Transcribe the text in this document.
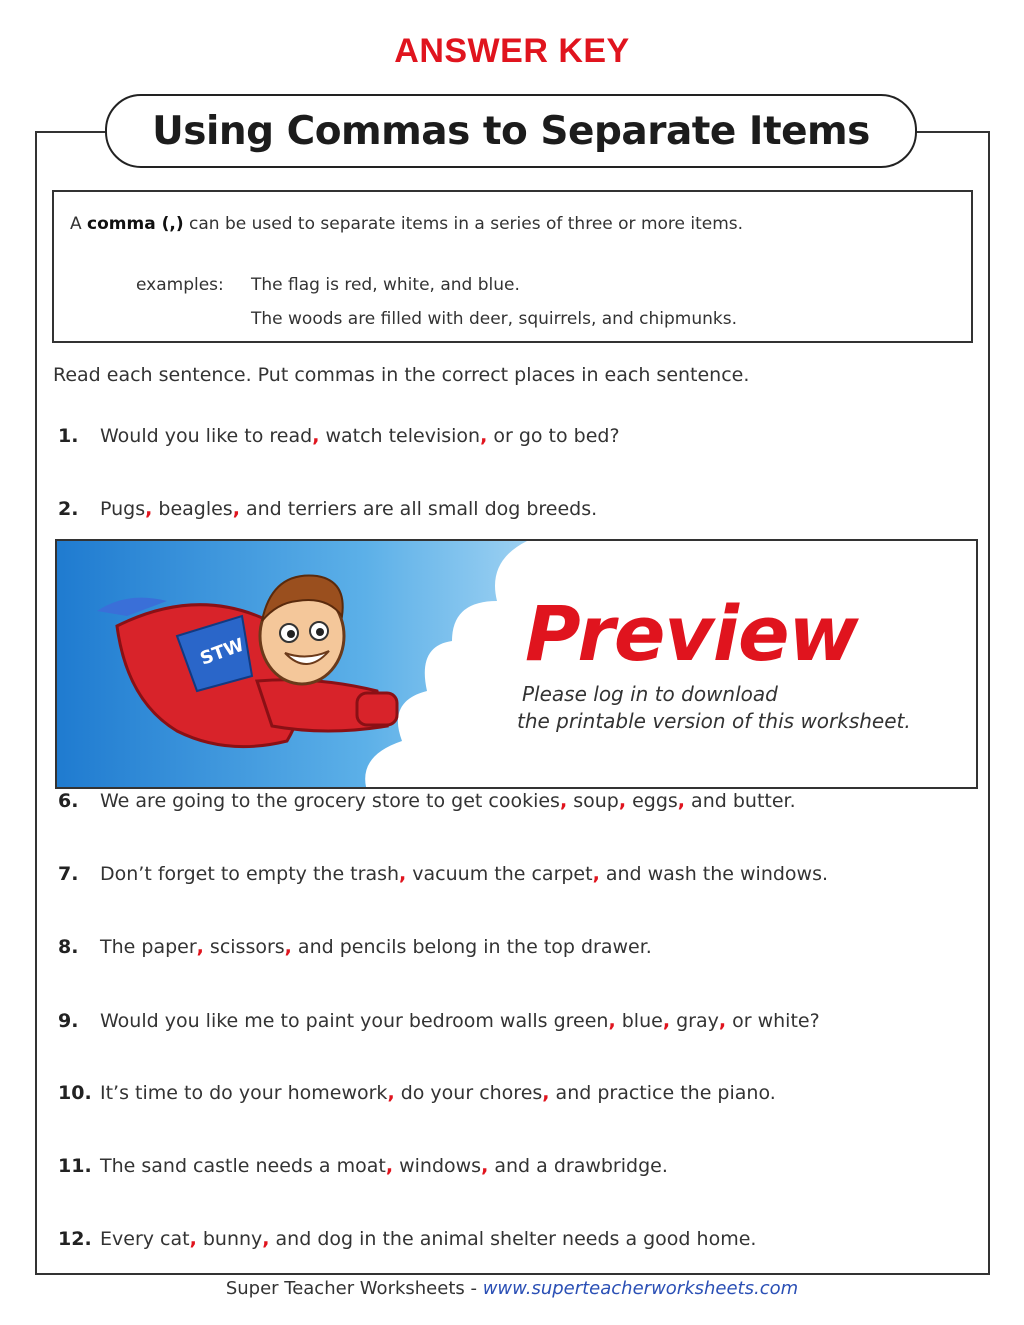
ANSWER KEY
Using Commas to Separate Items
A comma (,) can be used to separate items in a series of three or more items.
examples: The flag is red, white, and blue.
The woods are filled with deer, squirrels, and chipmunks.
Read each sentence. Put commas in the correct places in each sentence.
1. Would you like to read, watch television, or go to bed?
2. Pugs, beagles, and terriers are all small dog breeds.
6. We are going to the grocery store to get cookies, soup, eggs, and butter.
7. Don’t forget to empty the trash, vacuum the carpet, and wash the windows.
8. The paper, scissors, and pencils belong in the top drawer.
9. Would you like me to paint your bedroom walls green, blue, gray, or white?
10. It’s time to do your homework, do your chores, and practice the piano.
11. The sand castle needs a moat, windows, and a drawbridge.
12. Every cat, bunny, and dog in the animal shelter needs a good home.
STW	Preview
Please log in to download
the printable version of this worksheet.
Super Teacher Worksheets - www.superteacherworksheets.com
